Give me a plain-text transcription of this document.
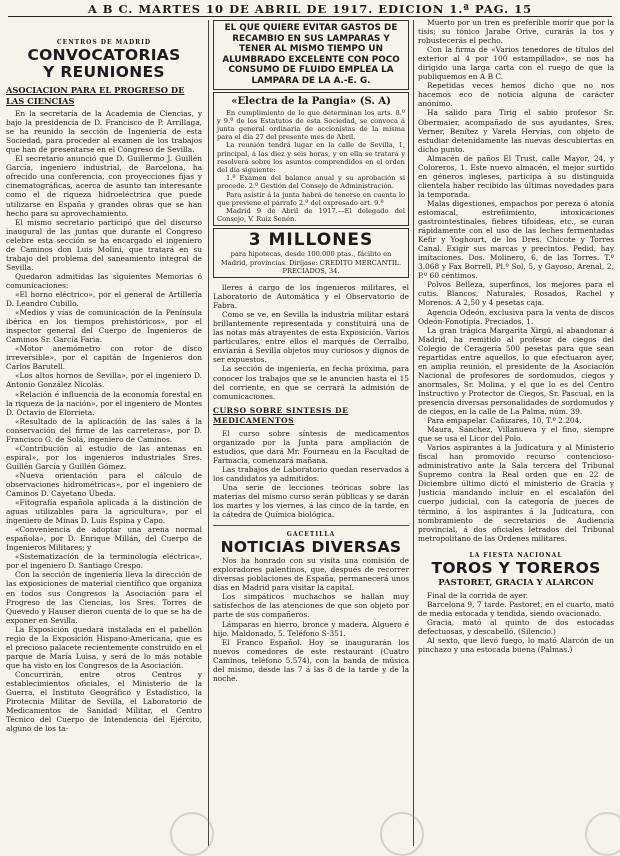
A B C. MARTES 10 DE ABRIL DE 1917. EDICION 1.ª PAG. 15
CENTROS DE MADRID
CONVOCATORIAS
Y REUNIONES
ASOCIACION PARA EL PROGRESO DE LAS CIENCIAS

En la secretaría de la Academia de Ciencias, y bajo la presidencia de D. Francisco de P. Arrillaga, se ha reunido la sección de Ingeniería de esta Sociedad, para proceder al examen de los trabajos que han de presentarse en el Congreso de Sevilla.

El secretario anunció que D. Guillermo J. Guillén García, ingeniero industrial, de Barcelona, ha ofrecido una conferencia, con proyecciones fijas y cinematográficas, acerca de asunto tan interesante como el de riqueza hidroeléctrica que puede utilizarse en España y grandes obras que se han hecho para su aprovechamiento.

El mismo secretario participó que del discurso inaugural de las juntas que durante el Congreso celebre esta sección se ha encargado el ingeniero de Caminos don Luis Molini, que tratará en su trabajo del problema del saneamiento integral de Sevilla.

Quedaron admitidas las siguientes Memorias ó comunicaciones:

«El horno eléctrico», por el general de Artillería D. Leandro Cubillo.

«Medios y vías de comunicación de la Península ibérica en los tiempos prehistóricos», por el inspector general del Cuerpo de Ingenieros de Caminos Sr. García Faria.

«Motor anemómetro con rotor de disco irreversible», por el capitán de Ingenieros don Carlos Barutell.

«Los altos hornos de Sevilla», por el ingeniero D. Antonio González Nicolás.

«Relación é influencia de la economía forestal en la riqueza de la nación», por el ingeniero de Montes D. Octavio de Elorrieta.

«Resultado de la aplicación de las sales á la conservación del firme de las carreteras», por D. Francisco G. de Solá, ingeniero de Caminos.

«Contribución al estudio de las antenas en espiral», por los ingenieros industriales Sres. Guillén García y Guillén Gómez.

«Nueva orientación para el cálculo de observaciones hidrométricas», por el ingeniero de Caminos D. Cayetano Úbeda.

«Fitografía española aplicada á la distinción de aguas utilizables para la agricultura», por el ingeniero de Minas D. Luis Espina y Capo.

«Conveniencia de adoptar una arena normal española», por D. Enrique Millán, del Cuerpo de Ingenieros Militares; y

«Sistematización de la terminología eléctrica», por el ingeniero D. Santiago Crespo.

Con la sección de ingeniería lleva la dirección de las exposiciones de material científico que organiza en todos sus Congresos la Asociación para el Progreso de las Ciencias, los Sres. Torres de Quevedo y Hauser dieron cuenta de lo que se ha de exponer en Sevilla.

La Exposición quedará instalada en el pabellón regio de la Exposición Hispano-Americana, que es el precioso palacete recientemente construido en el parque de María Luisa, y será de lo más notable que ha visto en los Congresos de la Asociación.

Concurrirán, entre otros Centros y establecimientos oficiales, el Ministerio de la Guerra, el Instituto Geográfico y Estadístico, la Pirotecnia Militar de Sevilla, el Laboratorio de Medicamentos de Sanidad Militar, el Centro Técnico del Cuerpo de Intendencia del Ejército, alguno de los ta-

EL QUE QUIERE EVITAR GASTOS DE RECAMBIO EN SUS LAMPARAS Y TENER AL MISMO TIEMPO UN ALUMBRADO EXCELENTE CON POCO CONSUMO DE FLUIDO EMPLEA LA LAMPARA DE LA A.-E. G.
«Electra de la Pangia» (S. A)

En cumplimiento de lo que determinan los arts. 8.º y 9.º de los Estatutos de esta Sociedad, se convoca á junta general ordinaria de accionistas de la misma para el día 27 del presente mes de Abril.

La reunión tendrá lugar en la calle de Sevilla, 1, principal, á las diez y seis horas, y en ella se tratará y resolverá sobre los asuntos comprendidos en el orden del día siguiente:

1.º Examen del balance anual y su aprobación si procede. 2.º Gestión del Consejo de Administración.

Para asistir á la junta habrá de tenerse en cuenta lo que previene el párrafo 2.º del expresado art. 9.º

Madrid 9 de Abril de 1917.—El delegado del Consejo, V. Ruiz Senén.

3 MILLONES
para hipotecas, desde 100.000 ptas., fácilito en Madrid, provincias. Diríjase: CREDITO MERCANTIL. PRECIADOS, 34.

lleres á cargo de los ingenieros militares, el Laboratorio de Automática y el Observatorio de Fabra.

Como se ve, en Sevilla la industria militar estará brillantemente representada y constituirá una de las notas más atrayentes de esta Exposición. Varios particulares, entre ellos el marqués de Cerralbo, enviarán á Sevilla objetos muy curiosos y dignos de ser expuestos.

La sección de ingeniería, en fecha próxima, para conocer los trabajos que se le anuncien hasta el 15 del corriente, en que se cerrará la admisión de comunicaciones.

CURSO SOBRE SINTESIS DE MEDICAMENTOS

El curso sobre síntesis de medicamentos organizado por la Junta para ampliación de estudios, que dará Mr. Fourneau en la Facultad de Farmacia, comenzará mañana.

Las trabajos de Laboratorio quedan reservados á los candidatos ya admitidos.

Una serie de lecciones teóricas sobre las materias del mismo curso serán públicas y se darán los martes y los viernes, á las cinco de la tarde, en la cátedra de Química biológica.

GACETILLA
NOTICIAS DIVERSAS

Nos ha honrado con su visita una comisión de exploradores palentinos, que, después de recorrer diversas poblaciones de España, permanecerá unos días en Madrid para visitar la capital.

Los simpáticos muchachos se hallan muy satisfechos de las atenciones de que son objeto por parte de sus compañeros.

Lámparas en hierro, bronce y madera. Alguero é hijo. Maldonado, 5. Teléfono S-351.

El Franco Español. Hoy se inaugurarán los nuevos comedores de este restaurant (Cuatro Caminos, teléfono 5.574), con la banda de música del mismo, desde las 7 á las 8 de la tarde y de la noche.

Muerto por un tren es preferible morir que por la tisis; su tónico Jarabe Orive, curarás la tos y robustecerás el pecho.

Con la firma de «Varios tenedores de títulos del exterior al 4 por 100 estampillado», se nos ha dirigido una larga carta con el ruego de que la publiquemos en A B C.

Repetidas veces hemos dicho que no nos hacemos eco de noticia alguna de carácter anónimo.

Ha salido para Tirig el sabio profesor Sr. Obermaier, acompañado de sus ayudantes, Sres. Verner, Benítez y Varela Hervías, con objeto de estudiar detenidamente las nuevas descubiertas en dicho punto.

Almacén de paños El Trust, calle Mayor, 24, y Coloreros, 1. Este nuevo almacén, el mejor surtido en géneros ingleses, participa á su distinguida clientela haber recibido las últimas novedades para la temporada.

Malas digestiones, empachos por pereza ó atonía estomacal, estreñimiento, intoxicaciones gastrointestinales, fiebres tifoideas, etc., se curan rápidamente con el uso de las leches fermentadas Kefir y Yoghourt, de los Dres. Chicote y Torres Canal. Exigir sus marcas y precintos. Pedid, hay imitaciones. Dos. Molinero, 6, de las Torres. T.º 3.068 y Fax Borrell, Pl.º Sol, 5, y Gayoso, Arenal, 2, P.º 60 céntimos.

Polvos Belleza, superfinos, los mejores para el cutis. Blancos, Naturales, Rosados, Rachel y Morenos. A 2,50 y 4 pesetas caja.

Agencia Odeón, exclusiva para la venta de discos Odeón-Fonotipia. Preciados, 1.

La gran trágica Margarita Xirgú, al abandonar á Madrid, ha remitido al profesor de ciegos del Colegio de Ceragería 500 pesetas para que sean repartidas entre aquellos, lo que efectuaron ayer, en amplia reunión, el presidente de la Asociación Nacional de profesores de sordomudos, ciegos y anormales, Sr. Molina, y el que lo es del Centro Instructivo y Protector de Ciegos, Sr. Pascual, en la presencia diversas personalidades de sordomudos y de ciegos, en la calle de La Palma, núm. 39.

Para empapelar. Cañizares, 10, T.º 2.204.

Maura, Sánchez, Villanueva y el fino, siempre que se usa el Licor del Polo.

Varios aspirantes á la Judicatura y al Ministerio fiscal han promovido recurso contencioso-administrativo ante la Sala tercera del Tribunal Supremo contra la Real orden que en 22 de Diciembre último dictó el ministerio de Gracia y Justicia mandando incluir en el escalafón del cuerpo judicial, con la categoría de jueces de término, á los aspirantes á la Judicatura, con nombramiento de secretarios de Audiencia provincial, á dos oficiales letrados del Tribunal metropolitano de las Ordenes militares.

LA FIESTA NACIONAL
TOROS Y TOREROS
PASTORET, GRACIA Y ALARCON

Final de la corrida de ayer.

Barcelona 9, 7 tarde. Pastoret, en el cuarto, mató de media estocada y tendida, siendo ovacionado.

Gracia, mató al quinto de dos estocadas defectuosas, y descabelló. (Silencio.)

Al sexto, que llevó fuego, lo mató Alarcón de un pinchazo y una estocada buena (Palmas.)
